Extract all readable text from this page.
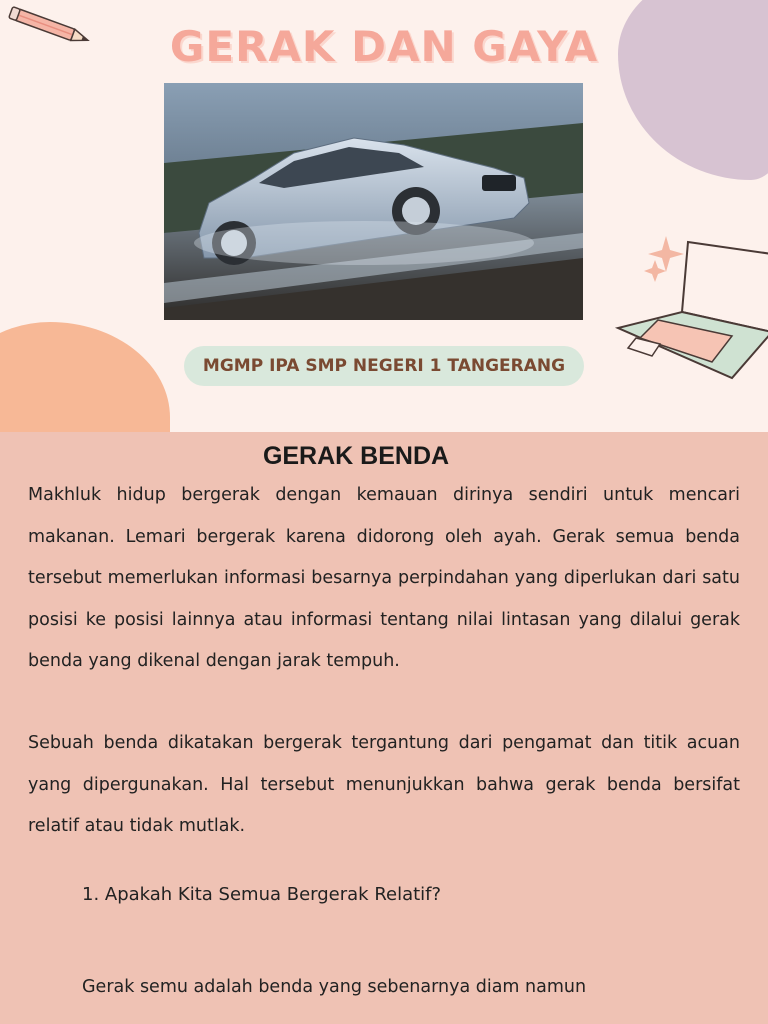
GERAK DAN GAYA
MGMP IPA SMP NEGERI 1 TANGERANG
GERAK BENDA

Makhluk hidup bergerak dengan kemauan dirinya sendiri untuk mencari makanan. Lemari bergerak karena didorong oleh ayah. Gerak semua benda tersebut memerlukan informasi besarnya perpindahan yang diperlukan dari satu posisi ke posisi lainnya atau informasi tentang nilai lintasan yang dilalui gerak benda yang dikenal dengan jarak tempuh.

Sebuah benda dikatakan bergerak tergantung dari pengamat dan titik acuan yang dipergunakan. Hal tersebut menunjukkan bahwa gerak benda bersifat relatif atau tidak mutlak.

1. Apakah Kita Semua Bergerak Relatif?

Gerak semu adalah benda yang sebenarnya diam namun
